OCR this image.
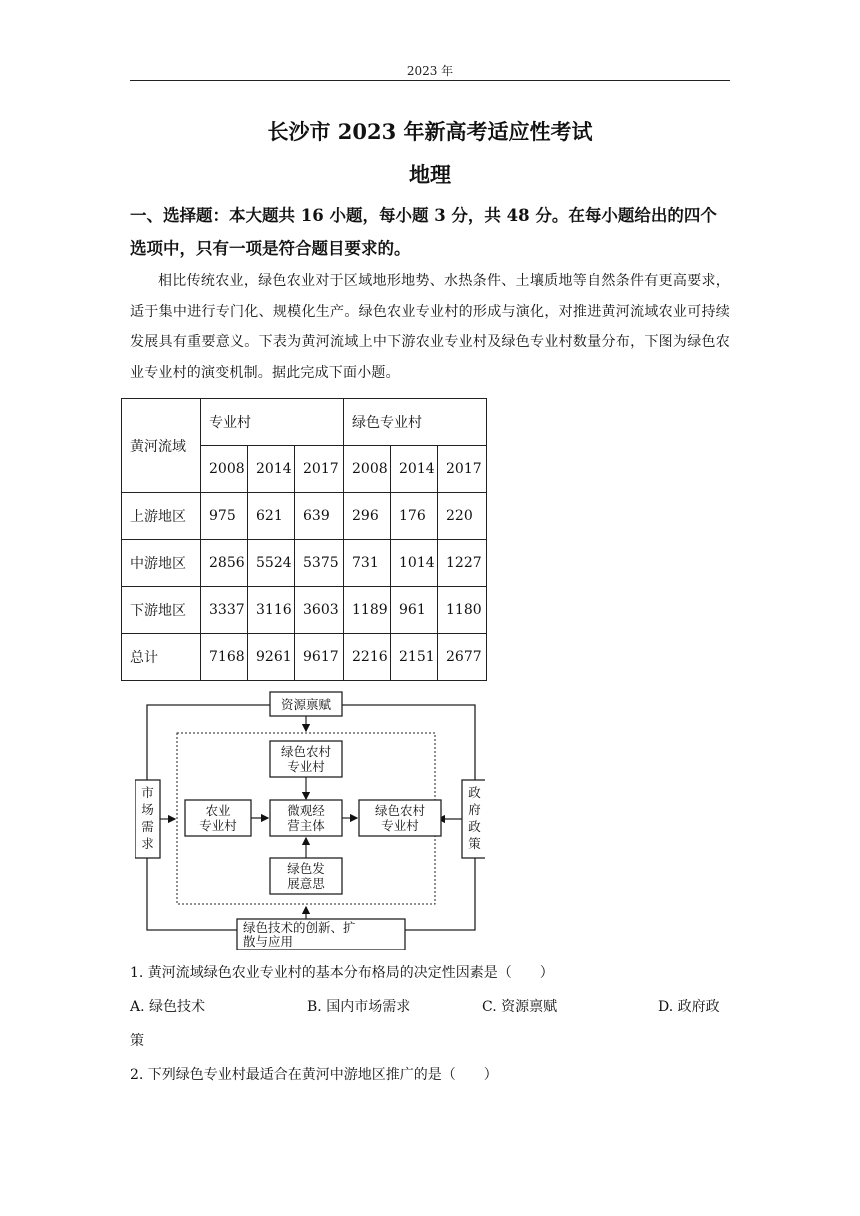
2023 年
长沙市 2023 年新高考适应性考试
地理
一、选择题：本大题共 16 小题，每小题 3 分，共 48 分。在每小题给出的四个选项中，只有一项是符合题目要求的。
相比传统农业，绿色农业对于区域地形地势、水热条件、土壤质地等自然条件有更高要求，适于集中进行专门化、规模化生产。绿色农业专业村的形成与演化，对推进黄河流域农业可持续发展具有重要意义。下表为黄河流域上中下游农业专业村及绿色专业村数量分布，下图为绿色农业专业村的演变机制。据此完成下面小题。
黄河流域	专业村			绿色专业村		
	2008	2014	2017	2008	2014	2017
上游地区	975	621	639	296	176	220
中游地区	2856	5524	5375	731	1014	1227
下游地区	3337	3116	3603	1189	961	1180
总计	7168	9261	9617	2216	2151	2677
资源禀赋
市
场
需
求
政
府
政
策
绿色技术的创新、扩
散与应用
绿色农村
专业村
农业
专业村
微观经
营主体
绿色农村
专业村
绿色发
展意思
1. 黄河流域绿色农业专业村的基本分布格局的决定性因素是（　　）
A. 绿色技术	B. 国内市场需求	C. 资源禀赋	D. 政府政
策
2. 下列绿色专业村最适合在黄河中游地区推广的是（　　）
